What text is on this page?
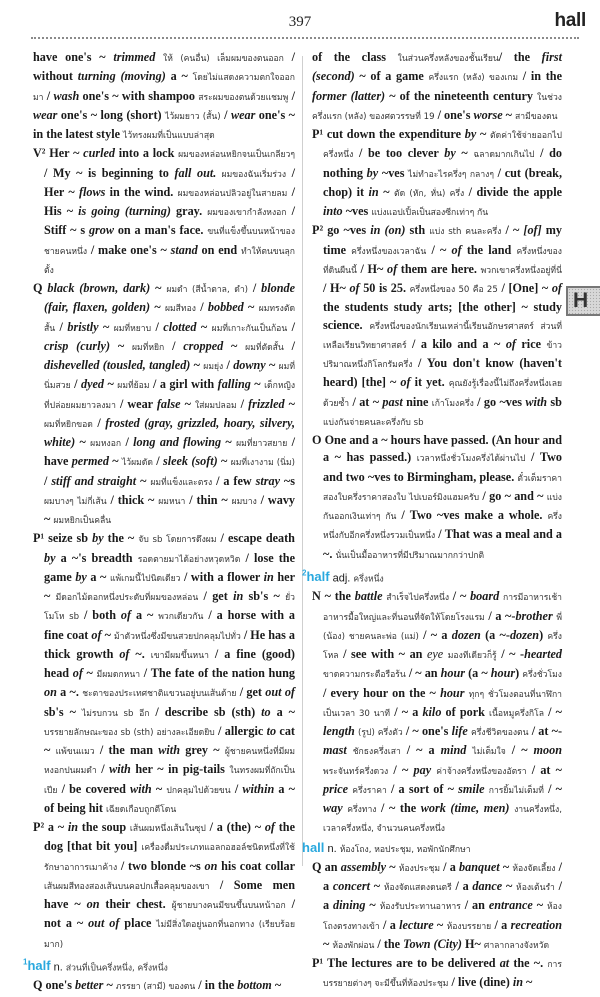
397	hall
H

have one's ~ trimmed ให้ (คนอื่น) เล็มผมของตนออก / without turning (moving) a ~ โดยไม่แสดงความตกใจออกมา / wash one's ~ with shampoo สระผมของตนด้วยแชมพู / wear one's ~ long (short) ไว้ผมยาว (สั้น) / wear one's ~ in the latest style ไว้ทรงผมที่เป็นแบบล่าสุด

V² Her ~ curled into a lock ผมของหล่อนหยิกจนเป็นเกลียวๆ / My ~ is beginning to fall out. ผมของฉันเริ่มร่วง / Her ~ flows in the wind. ผมของหล่อนปลิวอยู่ในสายลม / His ~ is going (turning) gray. ผมของเขากำลังหงอก / Stiff ~ s grow on a man's face. ขนที่แข็งขึ้นบนหน้าของชายคนหนึ่ง / make one's ~ stand on end ทำให้ตนขนลุกตั้ง

Q black (brown, dark) ~ ผมดำ (สีน้ำตาล, ดำ) / blonde (fair, flaxen, golden) ~ ผมสีทอง / bobbed ~ ผมทรงตัดสั้น / bristly ~ ผมที่หยาบ / clotted ~ ผมที่เกาะกันเป็นก้อน / crisp (curly) ~ ผมที่หยิก / cropped ~ ผมที่ตัดสั้น / dishevelled (tousled, tangled) ~ ผมยุ่ง / downy ~ ผมที่นิ่มสวย / dyed ~ ผมที่ย้อม / a girl with falling ~ เด็กหญิงที่ปล่อยผมยาวลงมา / wear false ~ ใส่ผมปลอม / frizzled ~ ผมที่หยิกขอด / frosted (gray, grizzled, hoary, silvery, white) ~ ผมหงอก / long and flowing ~ ผมที่ยาวสยาย / have permed ~ ไว้ผมดัด / sleek (soft) ~ ผมที่เงางาม (นิ่ม) / stiff and straight ~ ผมที่แข็งและตรง / a few stray ~s ผมบางๆ ไม่กี่เส้น / thick ~ ผมหนา / thin ~ ผมบาง / wavy ~ ผมหยิกเป็นคลื่น

P¹ seize sb by the ~ จับ sb โดยการดึงผม / escape death by a ~'s breadth รอดตายมาได้อย่างหวุดหวิด / lose the game by a ~ แพ้เกมนี้ไปนิดเดียว / with a flower in her ~ มีดอกไม้ดอกหนึ่งประดับที่ผมของหล่อน / get in sb's ~ ยั่วโมโห sb / both of a ~ พวกเดียวกัน / a horse with a fine coat of ~ ม้าตัวหนึ่งซึ่งมีขนสวยปกคลุมไปทั่ว / He has a thick growth of ~. เขามีผมขึ้นหนา / a fine (good) head of ~ มีผมดกหนา / The fate of the nation hung on a ~. ชะตาของประเทศชาติแขวนอยู่บนเส้นด้าย / get out of sb's ~ ไม่รบกวน sb อีก / describe sb (sth) to a ~ บรรยายลักษณะของ sb (sth) อย่างละเอียดยิบ / allergic to cat ~ แพ้ขนแมว / the man with grey ~ ผู้ชายคนหนึ่งที่มีผมหงอกปนผมดำ / with her ~ in pig-tails ในทรงผมที่ถักเป็นเปีย / be covered with ~ ปกคลุมไปด้วยขน / within a ~ of being hit เฉียดเกือบถูกตีโดน

P² a ~ in the soup เส้นผมหนึ่งเส้นในซุป / a (the) ~ of the dog [that bit you] เครื่องดื่มประเภทแอลกอฮอล์ชนิดหนึ่งที่ใช้รักษาอาการเมาค้าง / two blonde ~s on his coat collar เส้นผมสีทองสองเส้นบนคอปกเสื้อคลุมของเขา / Some men have ~ on their chest. ผู้ชายบางคนมีขนขึ้นบนหน้าอก / not a ~ out of place ไม่มีสิ่งใดอยู่นอกที่นอกทาง (เรียบร้อยมาก)

$^1$half n. ส่วนที่เป็นครึ่งหนึ่ง, ครึ่งหนึ่ง

Q one's better ~ ภรรยา (สามี) ของตน / in the bottom ~

of the class ในส่วนครึ่งหลังของชั้นเรียน/ the first (second) ~ of a game ครึ่งแรก (หลัง) ของเกม / in the former (latter) ~ of the nineteenth century ในช่วงครึ่งแรก (หลัง) ของศตวรรษที่ 19 / one's worse ~ สามีของตน

P¹ cut down the expenditure by ~ ตัดค่าใช้จ่ายออกไปครึ่งหนึ่ง / be too clever by ~ ฉลาดมากเกินไป / do nothing by ~ves ไม่ทำอะไรครึ่งๆ กลางๆ / cut (break, chop) it in ~ ตัด (หัก, หั่น) ครึ่ง / divide the apple into ~ves แบ่งแอปเปิ้ลเป็นสองซีกเท่าๆ กัน

P² go ~ves in (on) sth แบ่ง sth คนละครึ่ง / ~ [of] my time ครึ่งหนึ่งของเวลาฉัน / ~ of the land ครึ่งหนึ่งของที่ดินผืนนี้ / H~ of them are here. พวกเขาครึ่งหนึ่งอยู่ที่นี่ / H~ of 50 is 25. ครึ่งหนึ่งของ 50 คือ 25 / [One] ~ of the students study arts; [the other] ~ study science. ครึ่งหนึ่งของนักเรียนเหล่านี้เรียนอักษรศาสตร์ ส่วนที่เหลือเรียนวิทยาศาสตร์ / a kilo and a ~ of rice ข้าวปริมาณหนึ่งกิโลกรัมครึ่ง / You don't know (haven't heard) [the] ~ of it yet. คุณยังรู้เรื่องนี้ไม่ถึงครึ่งหนึ่งเลยด้วยซ้ำ / at ~ past nine เก้าโมงครึ่ง / go ~ves with sb แบ่งกันจ่ายคนละครึ่งกับ sb

O One and a ~ hours have passed. (An hour and a ~ has passed.) เวลาหนึ่งชั่วโมงครึ่งได้ผ่านไป / Two and two ~ves to Birmingham, please. ตั๋วเต็มราคาสองใบครึ่งราคาสองใบ ไปเบอร์มิงแฮมครับ / go ~ and ~ แบ่งกันออกเงินเท่าๆ กัน / Two ~ves make a whole. ครึ่งหนึ่งกับอีกครึ่งหนึ่งรวมเป็นหนึ่ง / That was a meal and a ~. นั่นเป็นมื้ออาหารที่มีปริมาณมากกว่าปกติ

$^2$half adj. ครึ่งหนึ่ง

N ~ the battle สำเร็จไปครึ่งหนึ่ง / ~ board การมีอาหารเช้า อาหารมื้อใหญ่และที่นอนที่จัดให้โดยโรงแรม / a ~-brother พี่ (น้อง) ชายคนละพ่อ (แม่) / ~ a dozen (a ~-dozen) ครึ่งโหล / see with ~ an eye มองทีเดียวก็รู้ / ~ -hearted ขาดความกระตือรือร้น / ~ an hour (a ~ hour) ครึ่งชั่วโมง / every hour on the ~ hour ทุกๆ ชั่วโมงตอนที่นาฬิกาเป็นเวลา 30 นาที / ~ a kilo of pork เนื้อหมูครึ่งกิโล / ~ length (รูป) ครึ่งตัว / ~ one's life ครึ่งชีวิตของตน / at ~-mast ชักธงครึ่งเสา / ~ a mind ไม่เต็มใจ / ~ moon พระจันทร์ครึ่งดวง / ~ pay ค่าจ้างครึ่งหนึ่งของอัตรา / at ~ price ครึ่งราคา / a sort of ~ smile การยิ้มไม่เต็มที่ / ~ way ครึ่งทาง / ~ the work (time, men) งานครึ่งหนึ่ง, เวลาครึ่งหนึ่ง, จำนวนคนครึ่งหนึ่ง

hall n. ห้องโถง, หอประชุม, หอพักนักศึกษา

Q an assembly ~ ห้องประชุม / a banquet ~ ห้องจัดเลี้ยง / a concert ~ ห้องจัดแสดงดนตรี / a dance ~ ห้องเต้นรำ / a dining ~ ห้องรับประทานอาหาร / an entrance ~ ห้องโถงตรงทางเข้า / a lecture ~ ห้องบรรยาย / a recreation ~ ห้องพักผ่อน / the Town (City) H~ ศาลากลางจังหวัด

P¹ The lectures are to be delivered at the ~. การบรรยายต่างๆ จะมีขึ้นที่ห้องประชุม / live (dine) in ~
